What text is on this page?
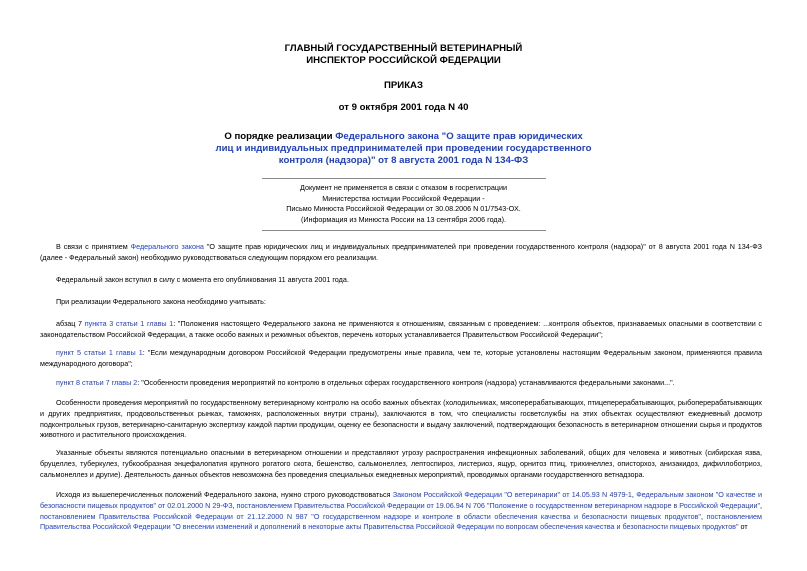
ГЛАВНЫЙ ГОСУДАРСТВЕННЫЙ ВЕТЕРИНАРНЫЙ

ИНСПЕКТОР РОССИЙСКОЙ ФЕДЕРАЦИИ

ПРИКАЗ

от 9 октября 2001 года N 40

О порядке реализации Федерального закона "О защите прав юридических лиц и индивидуальных предпринимателей при проведении государственного контроля (надзора)" от 8 августа 2001 года N 134-ФЗ

Документ не применяется в связи с отказом в госрегистрации
Министерства юстиции Российской Федерации -
Письмо Минюста Российской Федерации от 30.08.2006 N 01/7543-ОХ.
(Информация из Минюста России на 13 сентября 2006 года).

В связи с принятием Федерального закона "О защите прав юридических лиц и индивидуальных предпринимателей при проведении государственного контроля (надзора)" от 8 августа 2001 года N 134-ФЗ (далее - Федеральный закон) необходимо руководствоваться следующим порядком его реализации.

Федеральный закон вступил в силу с момента его опубликования 11 августа 2001 года.

При реализации Федерального закона необходимо учитывать:

абзац 7 пункта 3 статьи 1 главы 1: "Положения настоящего Федерального закона не применяются к отношениям, связанным с проведением: ...контроля объектов, признаваемых опасными в соответствии с законодательством Российской Федерации, а также особо важных и режимных объектов, перечень которых устанавливается Правительством Российской Федерации";

пункт 5 статьи 1 главы 1: "Если международным договором Российской Федерации предусмотрены иные правила, чем те, которые установлены настоящим Федеральным законом, применяются правила международного договора";

пункт 8 статьи 7 главы 2: "Особенности проведения мероприятий по контролю в отдельных сферах государственного контроля (надзора) устанавливаются федеральными законами...".

Особенности проведения мероприятий по государственному ветеринарному контролю на особо важных объектах (холодильниках, мясоперерабатывающих, птицеперерабатывающих, рыбоперерабатывающих и других предприятиях, продовольственных рынках, таможнях, расположенных внутри страны), заключаются в том, что специалисты госветслужбы на этих объектах осуществляют ежедневный досмотр подконтрольных грузов, ветеринарно-санитарную экспертизу каждой партии продукции, оценку ее безопасности и выдачу заключений, подтверждающих безопасность в ветеринарном отношении сырья и продуктов животного и растительного происхождения.

Указанные объекты являются потенциально опасными в ветеринарном отношении и представляют угрозу распространения инфекционных заболеваний, общих для человека и животных (сибирская язва, бруцеллез, туберкулез, губкообразная энцефалопатия крупного рогатого скота, бешенство, сальмонеллез, лептоспироз, листериоз, ящур, орнитоз птиц, трихинеллез, описторхоз, анизакидоз, дифиллоботриоз, сальмонеллез и другие). Деятельность данных объектов невозможна без проведения специальных ежедневных мероприятий, проводимых органами государственного ветнадзора.

Исходя из вышеперечисленных положений Федерального закона, нужно строго руководствоваться Законом Российской Федерации "О ветеринарии" от 14.05.93 N 4979-1, Федеральным законом "О качестве и безопасности пищевых продуктов" от 02.01.2000 N 29-ФЗ, постановлением Правительства Российской Федерации от 19.06.94 N 706 "Положение о государственном ветеринарном надзоре в Российской Федерации", постановлением Правительства Российской Федерации от 21.12.2000 N 987 "О государственном надзоре и контроле в области обеспечения качества и безопасности пищевых продуктов", постановлением Правительства Российской Федерации "О внесении изменений и дополнений в некоторые акты Правительства Российской Федерации по вопросам обеспечения качества и безопасности пищевых продуктов" от
